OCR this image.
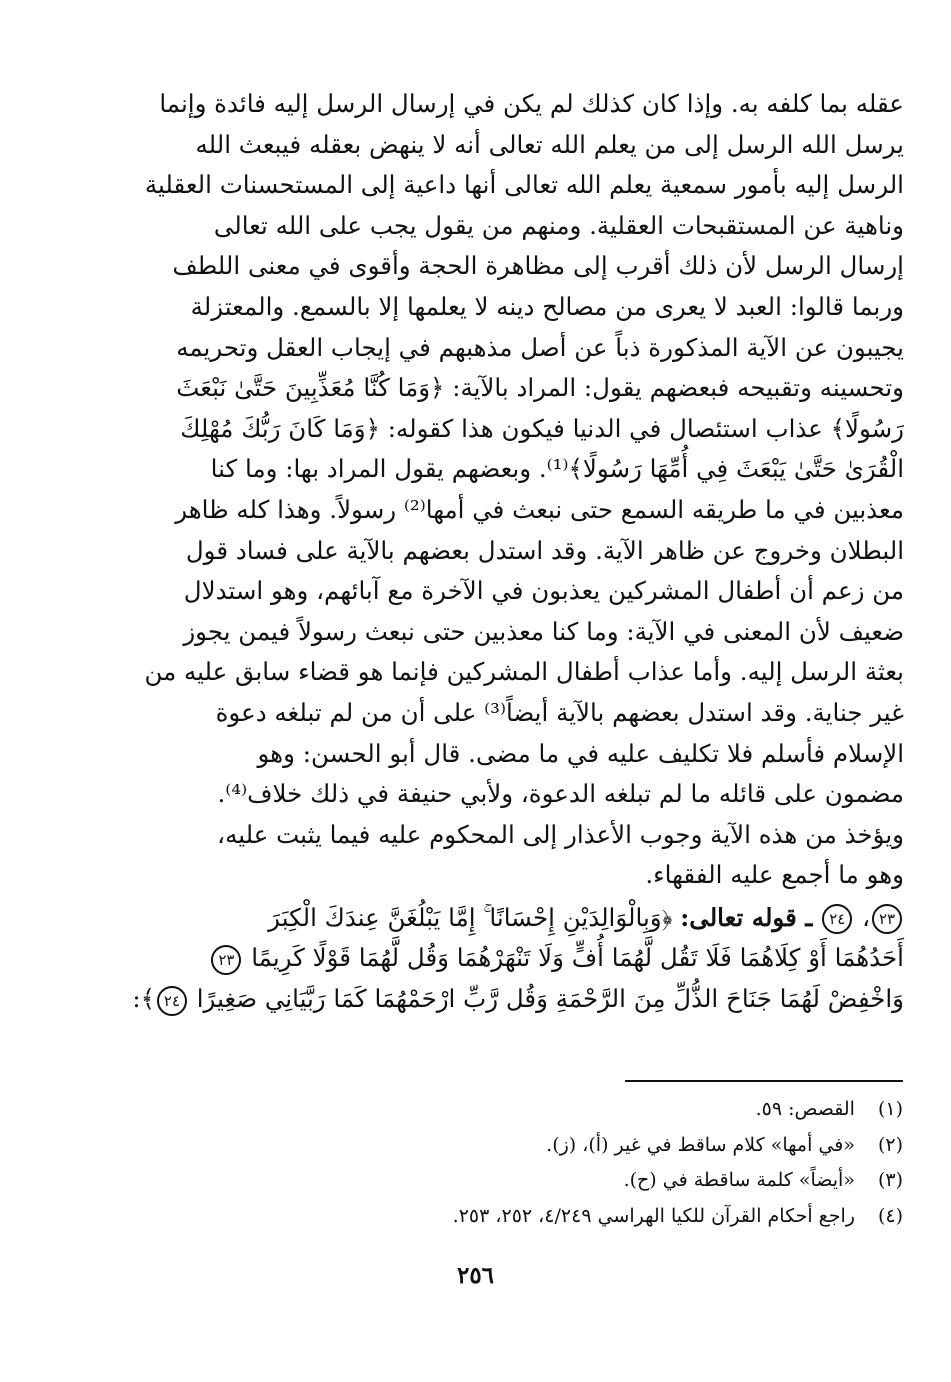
عقله بما كلفه به. وإذا كان كذلك لم يكن في إرسال الرسل إليه فائدة وإنما

يرسل الله الرسل إلى من يعلم الله تعالى أنه لا ينهض بعقله فيبعث الله

الرسل إليه بأمور سمعية يعلم الله تعالى أنها داعية إلى المستحسنات العقلية

وناهية عن المستقبحات العقلية. ومنهم من يقول يجب على الله تعالى

إرسال الرسل لأن ذلك أقرب إلى مظاهرة الحجة وأقوى في معنى اللطف

وربما قالوا: العبد لا يعرى من مصالح دينه لا يعلمها إلا بالسمع. والمعتزلة

يجيبون عن الآية المذكورة ذباً عن أصل مذهبهم في إيجاب العقل وتحريمه

وتحسينه وتقبيحه فبعضهم يقول: المراد بالآية: ﴿وَمَا كُنَّا مُعَذِّبِينَ حَتَّىٰ نَبْعَثَ

رَسُولًا﴾ عذاب استئصال في الدنيا فيكون هذا كقوله: ﴿وَمَا كَانَ رَبُّكَ مُهْلِكَ

الْقُرَىٰ حَتَّىٰ يَبْعَثَ فِي أُمِّهَا رَسُولًا﴾⁽¹⁾. وبعضهم يقول المراد بها: وما كنا

معذبين في ما طريقه السمع حتى نبعث في أمها⁽²⁾ رسولاً. وهذا كله ظاهر

البطلان وخروج عن ظاهر الآية. وقد استدل بعضهم بالآية على فساد قول

من زعم أن أطفال المشركين يعذبون في الآخرة مع آبائهم، وهو استدلال

ضعيف لأن المعنى في الآية: وما كنا معذبين حتى نبعث رسولاً فيمن يجوز

بعثة الرسل إليه. وأما عذاب أطفال المشركين فإنما هو قضاء سابق عليه من

غير جناية. وقد استدل بعضهم بالآية أيضاً⁽³⁾ على أن من لم تبلغه دعوة

الإسلام فأسلم فلا تكليف عليه في ما مضى. قال أبو الحسن: وهو

مضمون على قائله ما لم تبلغه الدعوة، ولأبي حنيفة في ذلك خلاف⁽⁴⁾.

ويؤخذ من هذه الآية وجوب الأعذار إلى المحكوم عليه فيما يثبت عليه،

وهو ما أجمع عليه الفقهاء.

٢٣، ٢٤ ـ قوله تعالى: ﴿وَبِالْوَالِدَيْنِ إِحْسَانًا ۚ إِمَّا يَبْلُغَنَّ عِندَكَ الْكِبَرَ
أَحَدُهُمَا أَوْ كِلَاهُمَا فَلَا تَقُل لَّهُمَا أُفٍّ وَلَا تَنْهَرْهُمَا وَقُل لَّهُمَا قَوْلًا كَرِيمًا ٢٣
وَاخْفِضْ لَهُمَا جَنَاحَ الذُّلِّ مِنَ الرَّحْمَةِ وَقُل رَّبِّ ارْحَمْهُمَا كَمَا رَبَّيَانِي صَغِيرًا ٢٤﴾:
(١) القصص: ٥٩.
(٢) «في أمها» كلام ساقط في غير (أ)، (ز).
(٣) «أيضاً» كلمة ساقطة في (ح).
(٤) راجع أحكام القرآن للكيا الهراسي ٤/٢٤٩، ٢٥٢، ٢٥٣.
٢٥٦
